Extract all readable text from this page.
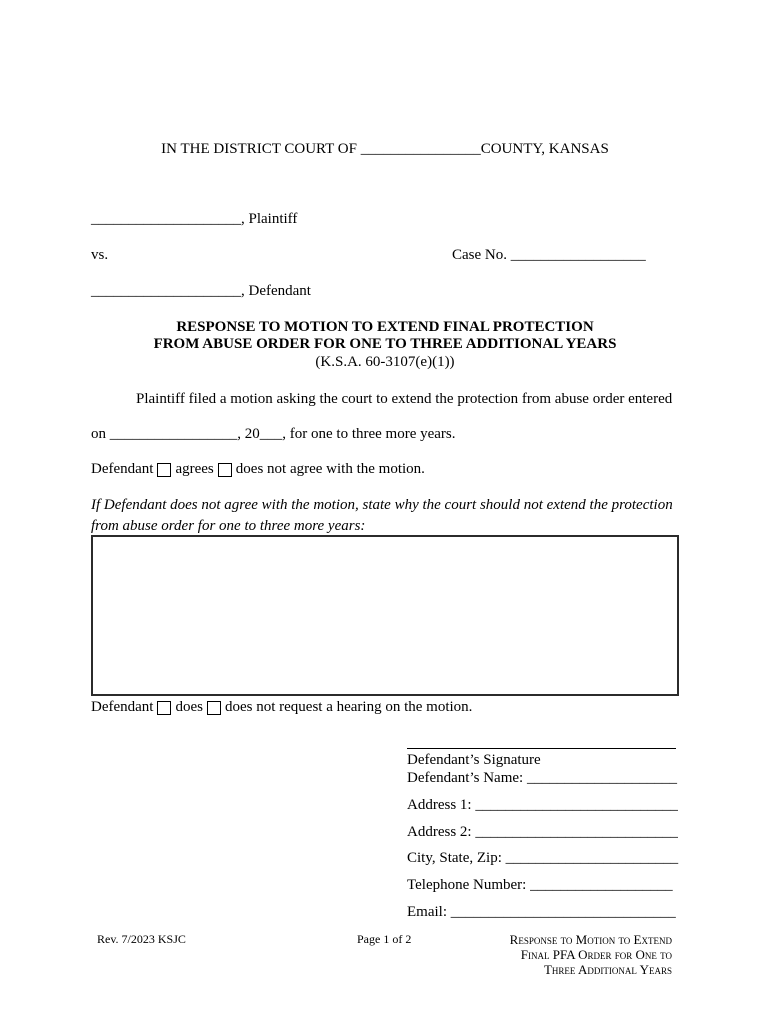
IN THE DISTRICT COURT OF ________________ COUNTY, KANSAS
____________________ , Plaintiff
vs.	Case No. __________________
____________________ , Defendant
RESPONSE TO MOTION TO EXTEND FINAL PROTECTION
FROM ABUSE ORDER FOR ONE TO THREE ADDITIONAL YEARS
(K.S.A. 60-3107(e)(1))
Plaintiff filed a motion asking the court to extend the protection from abuse order entered
on _________________ , 20 ___ , for one to three more years.
Defendant agrees does not agree with the motion.
If Defendant does not agree with the motion, state why the court should not extend the protection
from abuse order for one to three more years:
Defendant does does not request a hearing on the motion.
Defendant’s Signature
Defendant’s Name: ____________________
Address 1: ___________________________
Address 2: ___________________________
City, State, Zip: _______________________
Telephone Number: ___________________
Email: ______________________________
Rev. 7/2023 KSJC	Page 1 of 2	Response to Motion to Extend
Final PFA Order for One to
Three Additional Years
